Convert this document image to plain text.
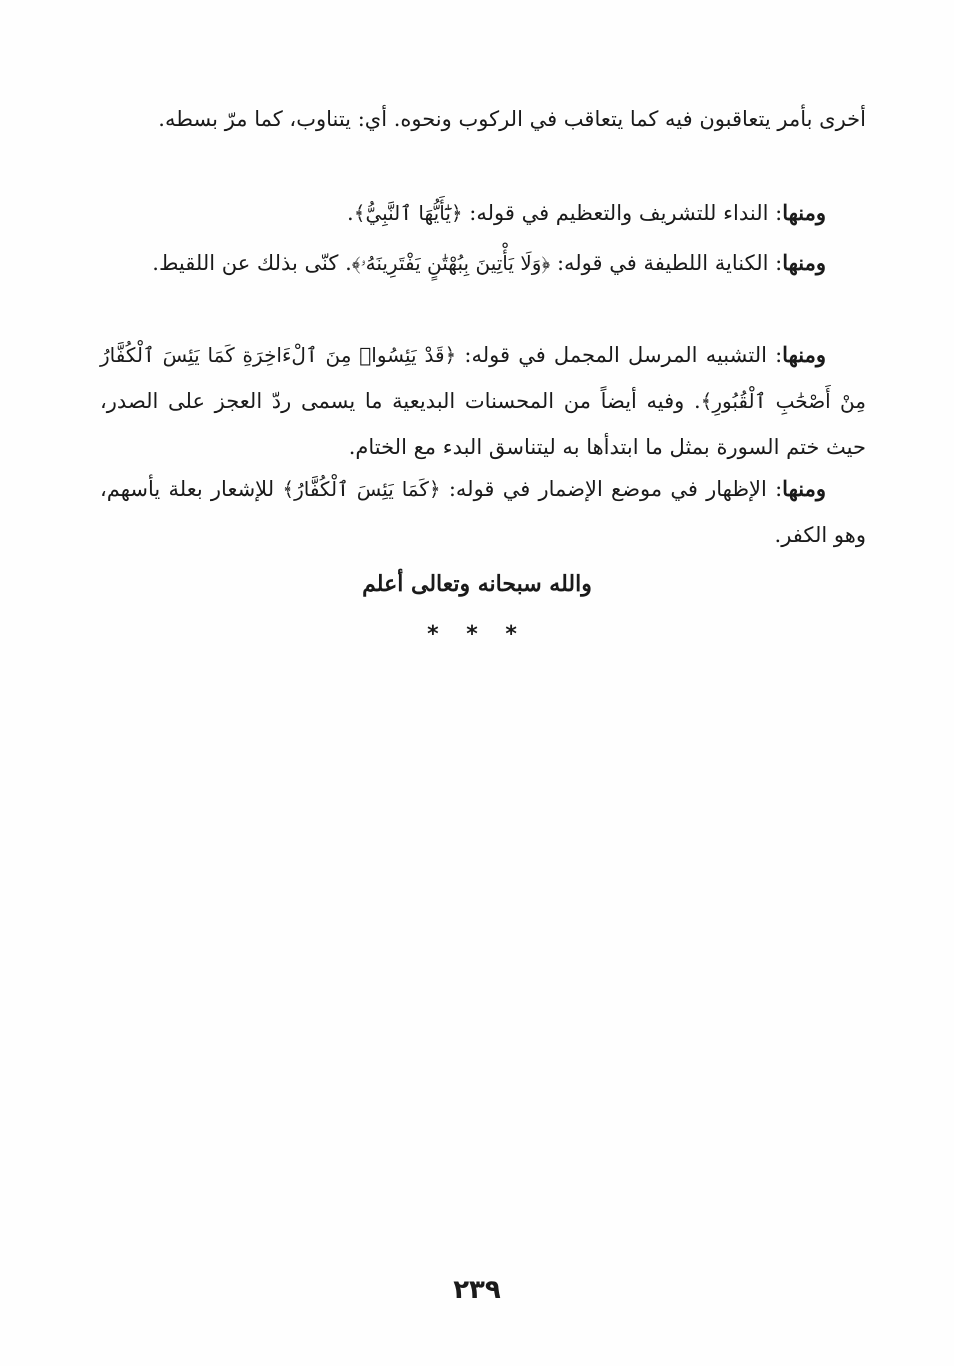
أخرى بأمر يتعاقبون فيه كما يتعاقب في الركوب ونحوه. أي: يتناوب، كما مرّ بسطه.

ومنها: النداء للتشريف والتعظيم في قوله: ﴿يَٰٓأَيُّهَا ٱلنَّبِيُّ﴾.

ومنها: الكناية اللطيفة في قوله: ﴿وَلَا يَأْتِينَ بِبُهْتَٰنٍ يَفْتَرِينَهُۥ﴾. كنّى بذلك عن اللقيط.

ومنها: التشبيه المرسل المجمل في قوله: ﴿قَدْ يَئِسُوا۟ مِنَ ٱلْءَاخِرَةِ كَمَا يَئِسَ ٱلْكُفَّارُ مِنْ أَصْحَٰبِ ٱلْقُبُورِ﴾. وفيه أيضاً من المحسنات البديعية ما يسمى ردّ العجز على الصدر، حيث ختم السورة بمثل ما ابتدأها به ليتناسق البدء مع الختام.

ومنها: الإظهار في موضع الإضمار في قوله: ﴿كَمَا يَئِسَ ٱلْكُفَّارُ﴾ للإشعار بعلة يأسهم، وهو الكفر.

والله سبحانه وتعالى أعلم
* * *
٢٣٩
